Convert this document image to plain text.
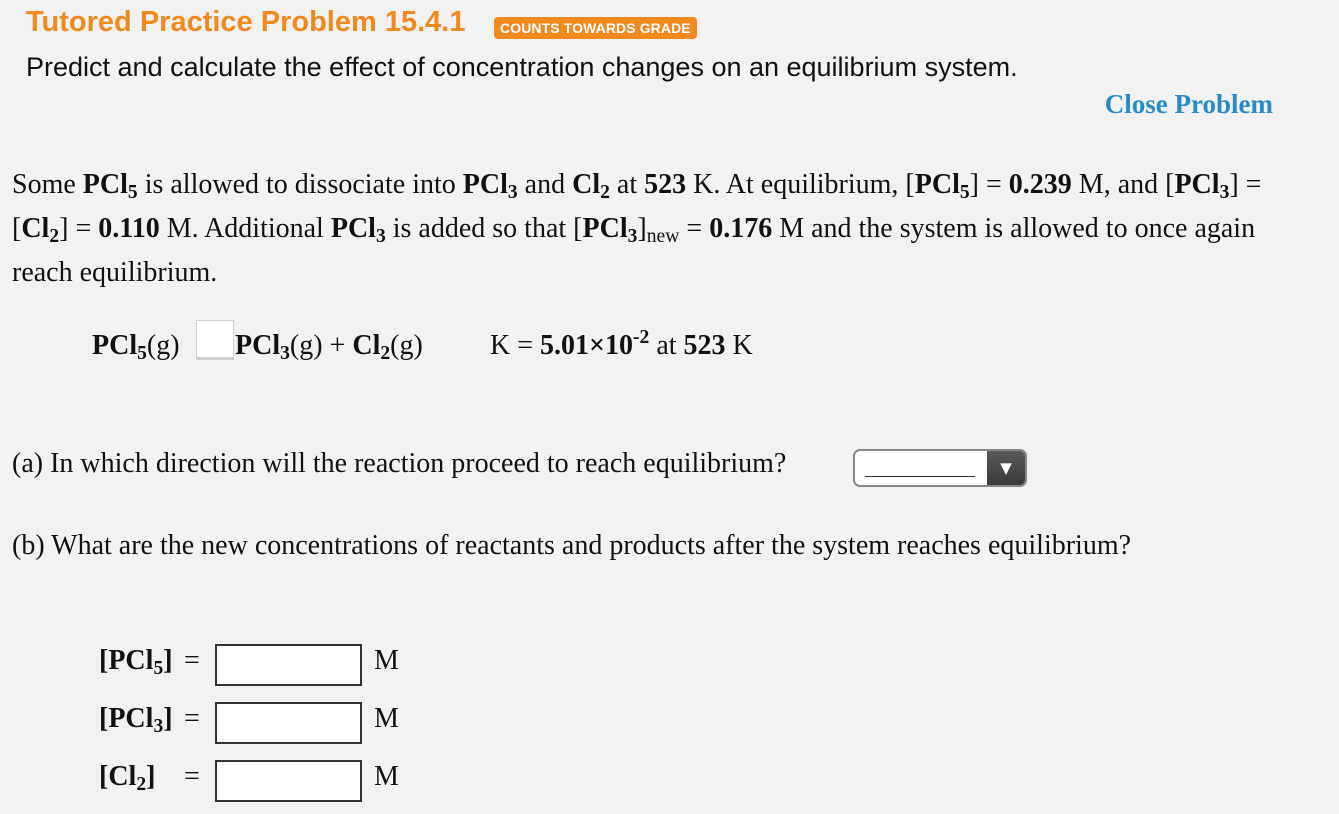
Tutored Practice Problem 15.4.1	COUNTS TOWARDS GRADE
Predict and calculate the effect of concentration changes on an equilibrium system.
Close Problem
Some PCl$_5$ is allowed to dissociate into PCl$_3$ and $Cl_2$ at 523 K. At equilibrium, [PCl$_5$] = 0.239 M, and $[PCl_3] = [Cl_2] = 0.110$ M. Additional PCl$_3$ is added so that $[PCl_3]_{new} = 0.176$ M and the system is allowed to once again reach equilibrium.
PCl$_5$(g) $PCl_3(g) + Cl_2(g) K = 5.01\times 10^{-2}$ at 523 K
(a) In which direction will the reaction proceed to reach equilibrium?	▼
(b) What are the new concentrations of reactants and products after the system reaches equilibrium?
[PCl$_5$] =	M
[PCl$_3$] =	M
$[Cl_2]$ =	M
